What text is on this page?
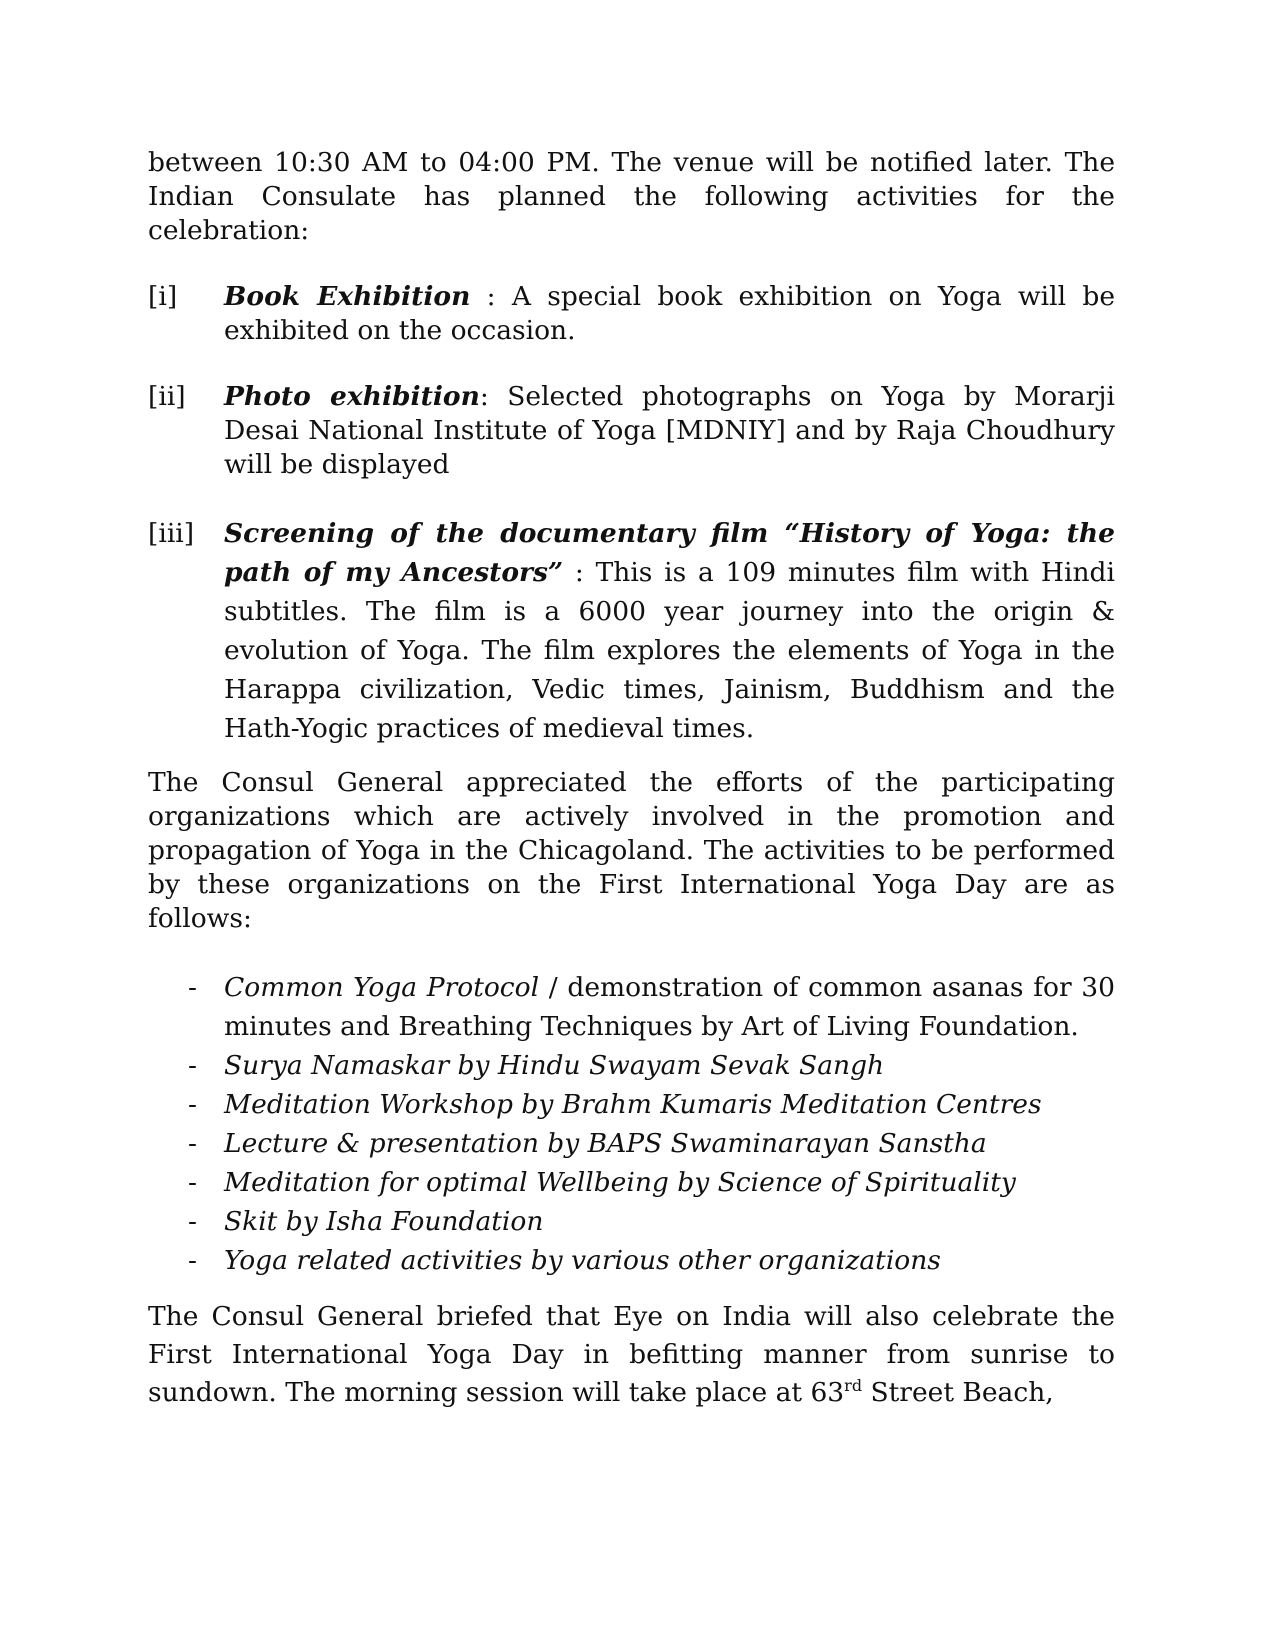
between 10:30 AM to 04:00 PM. The venue will be notified later. The Indian Consulate has planned the following activities for the celebration:

[i] Book Exhibition : A special book exhibition on Yoga will be exhibited on the occasion.
[ii] Photo exhibition: Selected photographs on Yoga by Morarji Desai National Institute of Yoga [MDNIY] and by Raja Choudhury will be displayed
[iii] Screening of the documentary film “History of Yoga: the path of my Ancestors” : This is a 109 minutes film with Hindi subtitles. The film is a 6000 year journey into the origin & evolution of Yoga. The film explores the elements of Yoga in the Harappa civilization, Vedic times, Jainism, Buddhism and the Hath-Yogic practices of medieval times.

The Consul General appreciated the efforts of the participating organizations which are actively involved in the promotion and propagation of Yoga in the Chicagoland. The activities to be performed by these organizations on the First International Yoga Day are as follows:

- Common Yoga Protocol / demonstration of common asanas for 30 minutes and Breathing Techniques by Art of Living Foundation.
- Surya Namaskar by Hindu Swayam Sevak Sangh
- Meditation Workshop by Brahm Kumaris Meditation Centres
- Lecture & presentation by BAPS Swaminarayan Sanstha
- Meditation for optimal Wellbeing by Science of Spirituality
- Skit by Isha Foundation
- Yoga related activities by various other organizations

The Consul General briefed that Eye on India will also celebrate the First International Yoga Day in befitting manner from sunrise to sundown. The morning session will take place at 63rd Street Beach,
